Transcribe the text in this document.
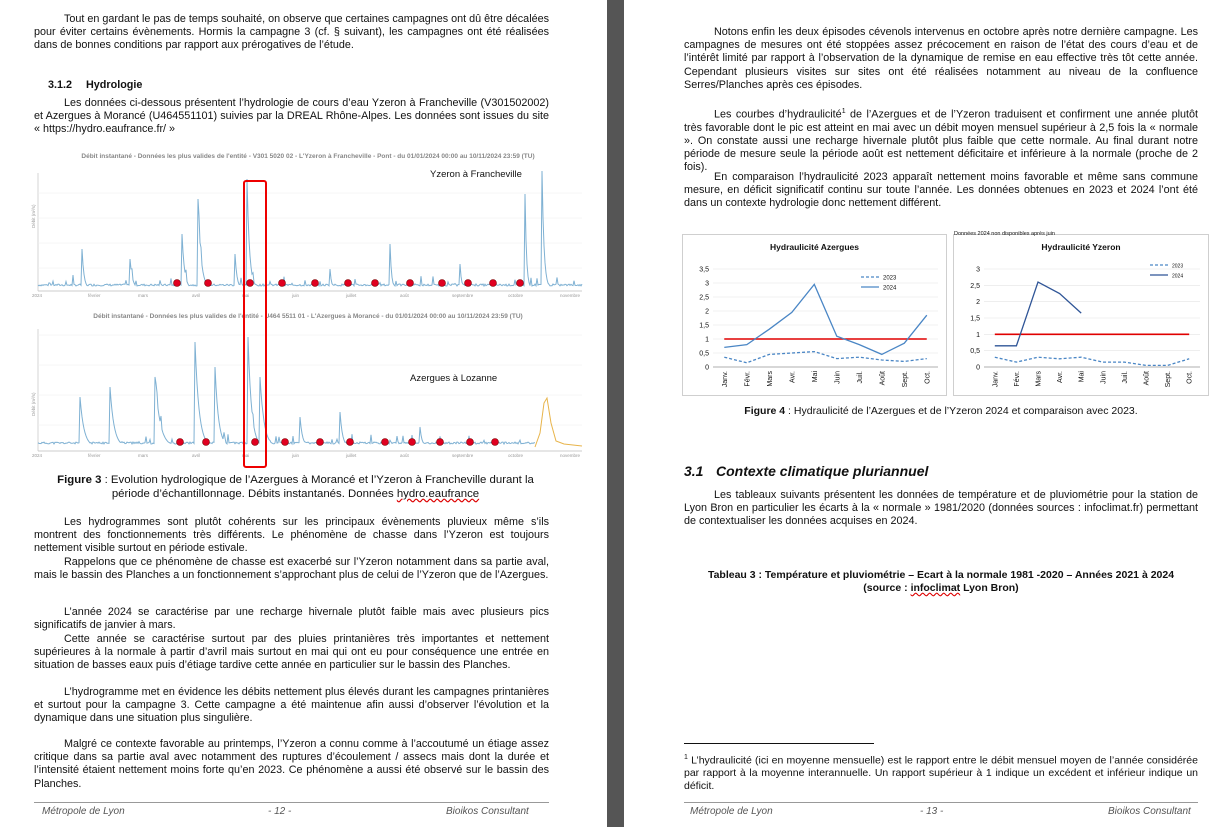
Tout en gardant le pas de temps souhaité, on observe que certaines campagnes ont dû être décalées pour éviter certains évènements. Hormis la campagne 3 (cf. § suivant), les campagnes ont été réalisées dans de bonnes conditions par rapport aux prérogatives de l’étude.
3.1.2 Hydrologie
Les données ci-dessous présentent l’hydrologie de cours d’eau Yzeron à Francheville (V301502002) et Azergues à Morancé (U464551101) suivies par la DREAL Rhône-Alpes. Les données sont issues du site « https://hydro.eaufrance.fr/ »
Débit instantané - Données les plus valides de l'entité - V301 5020 02 - L'Yzeron à Francheville - Pont - du 01/01/2024 00:00 au 10/11/2024 23:59 (TU)
2024	février	mars	avril	mai	juin	juillet	août	septembre	octobre	novembre
Débit (m³/s)
Yzeron à Francheville
Débit instantané - Données les plus valides de l'entité - U464 5511 01 - L'Azergues à Morancé - du 01/01/2024 00:00 au 10/11/2024 23:59 (TU)
2024	février	mars	avril	mai	juin	juillet	août	septembre	octobre	novembre
Débit (m³/s)
Azergues à Lozanne
Figure 3 : Evolution hydrologique de l’Azergues à Morancé et l’Yzeron à Francheville durant la période d’échantillonnage. Débits instantanés. Données hydro.eaufrance
Les hydrogrammes sont plutôt cohérents sur les principaux évènements pluvieux même s’ils montrent des fonctionnements très différents. Le phénomène de chasse dans l’Yzeron est toujours nettement visible surtout en période estivale.
Rappelons que ce phénomène de chasse est exacerbé sur l’Yzeron notamment dans sa partie aval, mais le bassin des Planches a un fonctionnement s’approchant plus de celui de l’Yzeron que de l’Azergues.
L’année 2024 se caractérise par une recharge hivernale plutôt faible mais avec plusieurs pics significatifs de janvier à mars.
Cette année se caractérise surtout par des pluies printanières très importantes et nettement supérieures à la normale à partir d’avril mais surtout en mai qui ont eu pour conséquence une entrée en situation de basses eaux puis d’étiage tardive cette année en particulier sur le bassin des Planches.
L’hydrogramme met en évidence les débits nettement plus élevés durant les campagnes printanières et surtout pour la campagne 3. Cette campagne a été maintenue afin aussi d’observer l’évolution et la dynamique dans une situation plus singulière.
Malgré ce contexte favorable au printemps, l’Yzeron a connu comme à l’accoutumé un étiage assez critique dans sa partie aval avec notamment des ruptures d’écoulement / assecs mais dont la durée et l’intensité étaient nettement moins forte qu’en 2023. Ce phénomène a aussi été observé sur le bassin des Planches.
Métropole de Lyon	- 12 -	Bioikos Consultant
Notons enfin les deux épisodes cévenols intervenus en octobre après notre dernière campagne. Les campagnes de mesures ont été stoppées assez précocement en raison de l’état des cours d’eau et de l’intérêt limité par rapport à l’observation de la dynamique de remise en eau effective très tôt cette année. Cependant plusieurs visites sur sites ont été réalisées notamment au niveau de la confluence Serres/Planches après ces épisodes.
Les courbes d’hydraulicité$^1$ de l’Azergues et de l’Yzeron traduisent et confirment une année plutôt très favorable dont le pic est atteint en mai avec un débit moyen mensuel supérieur à 2,5 fois la « normale ». On constate aussi une recharge hivernale plutôt plus faible que cette normale. Au final durant notre période de mesure seule la période août est nettement déficitaire et inférieure à la normale (proche de 2 fois).
En comparaison l’hydraulicité 2023 apparaît nettement moins favorable et même sans commune mesure, en déficit significatif continu sur toute l’année. Les données obtenues en 2023 et 2024 l’ont été dans un contexte hydrologie donc nettement différent.
Hydraulicité Azergues
0
0,5
1
1,5
2
2,5
3
3,5
Janv. Févr. Mars Avr. Mai Juin Juil. Août Sept. Oct.
2023
2024
Hydraulicité Yzeron
0
0,5
1
1,5
2
2,5
3
Janv. Févr. Mars Avr. Mai Juin Juil. Août Sept. Oct.
2023
2024
Données 2024 non disponibles après juin
Figure 4 : Hydraulicité de l’Azergues et de l’Yzeron 2024 et comparaison avec 2023.
3.1 Contexte climatique pluriannuel
Les tableaux suivants présentent les données de température et de pluviométrie pour la station de Lyon Bron en particulier les écarts à la « normale » 1981/2020 (données sources : infoclimat.fr) permettant de contextualiser les données acquises en 2024.
Tableau 3 : Température et pluviométrie – Ecart à la normale 1981 -2020 – Années 2021 à 2024
(source : infoclimat Lyon Bron)
$^1$ L’hydraulicité (ici en moyenne mensuelle) est le rapport entre le débit mensuel moyen de l’année considérée par rapport à la moyenne interannuelle. Un rapport supérieur à 1 indique un excédent et inférieur indique un déficit.
Métropole de Lyon	- 13 -	Bioikos Consultant
